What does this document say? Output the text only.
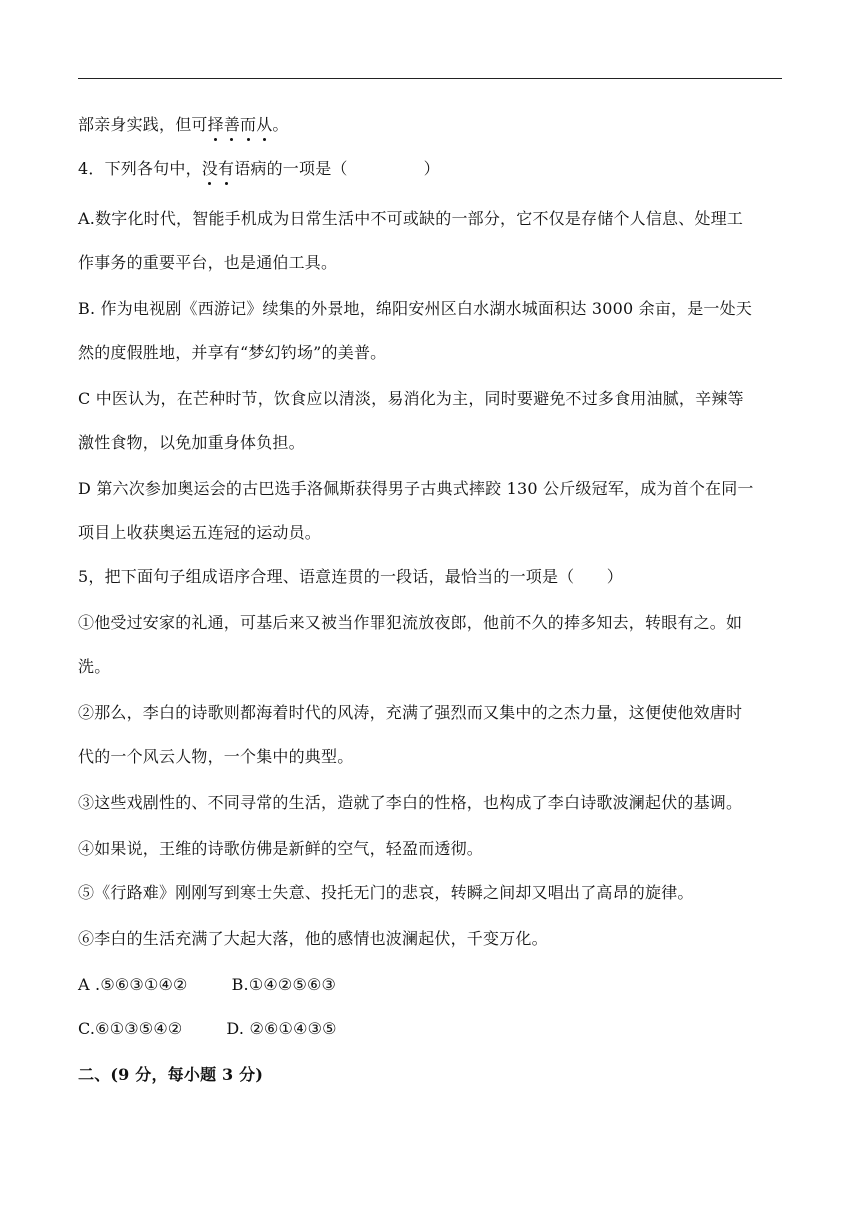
部亲身实践，但可择善而从。
4．下列各句中，没有语病的一项是（	）
A.数字化时代，智能手机成为日常生活中不可或缺的一部分，它不仅是存储个人信息、处理工
作事务的重要平台，也是通伯工具。
B. 作为电视剧《西游记》续集的外景地，绵阳安州区白水湖水城面积达 3000 余亩，是一处天
然的度假胜地，并享有“梦幻钓场”的美普。
C 中医认为，在芒种时节，饮食应以清淡，易消化为主，同时要避免不过多食用油腻，辛辣等
激性食物，以免加重身体负担。
D 第六次参加奥运会的古巴选手洛佩斯获得男子古典式摔跤 130 公斤级冠军，成为首个在同一
项目上收获奥运五连冠的运动员。
5，把下面句子组成语序合理、语意连贯的一段话，最恰当的一项是（　　）
①他受过安家的礼通，可基后来又被当作罪犯流放夜郎，他前不久的捧多知去，转眼有之。如
洗。
②那么，李白的诗歌则都海着时代的风涛，充满了强烈而又集中的之杰力量，这便使他效唐时
代的一个风云人物，一个集中的典型。
③这些戏剧性的、不同寻常的生活，造就了李白的性格，也构成了李白诗歌波澜起伏的基调。
④如果说，王维的诗歌仿佛是新鲜的空气，轻盈而透彻。
⑤《行路难》刚刚写到寒士失意、投托无门的悲哀，转瞬之间却又唱出了高昂的旋律。
⑥李白的生活充满了大起大落，他的感情也波澜起伏，千变万化。
A .⑤⑥③①④②	B.①④②⑤⑥③
C.⑥①③⑤④②	D. ②⑥①④③⑤
二、(9 分，每小题 3 分)
